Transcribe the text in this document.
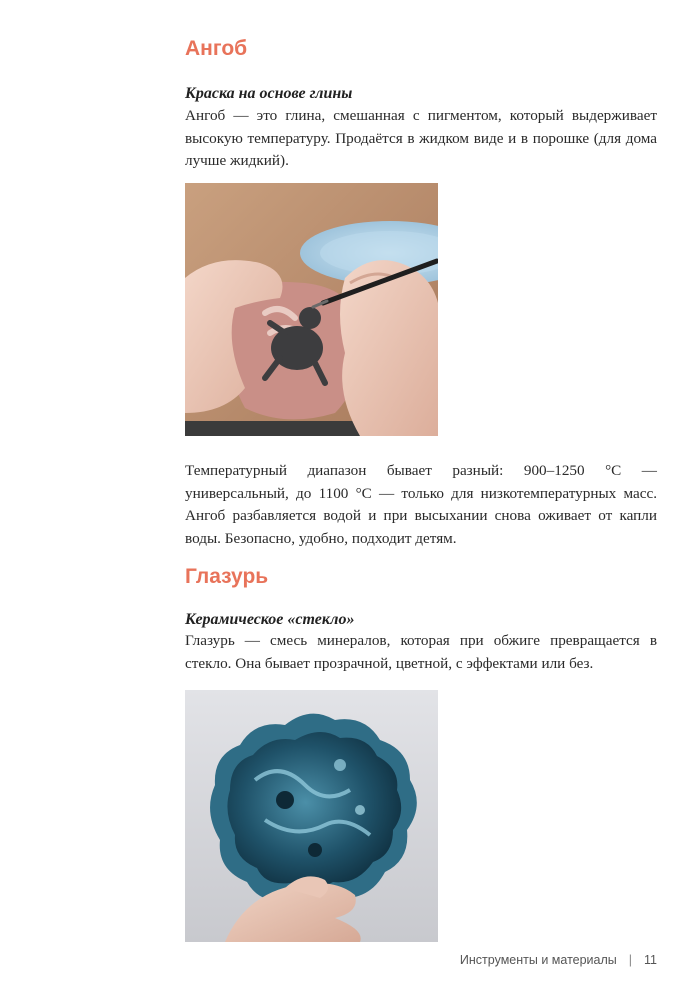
Ангоб
Краска на основе глины

Ангоб — это глина, смешанная с пигментом, который выдерживает высокую температуру. Продаётся в жидком виде и в порошке (для дома лучше жидкий).

Температурный диапазон бывает разный: 900–1250 °С — универсальный, до 1100 °С — только для низкотемпературных масс. Ангоб разбавляется водой и при высыхании снова оживает от капли воды. Безопасно, удобно, подходит детям.

Глазурь
Керамическое «стекло»

Глазурь — смесь минералов, которая при обжиге превращается в стекло. Она бывает прозрачной, цветной, с эффектами или без.

Инструменты и материалы | 11
